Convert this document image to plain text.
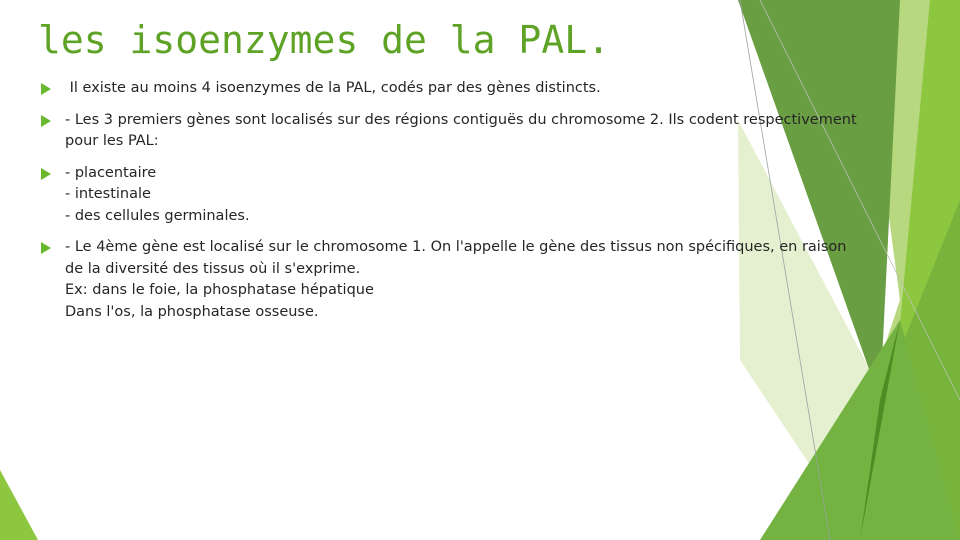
les isoenzymes de la PAL.
Il existe au moins 4 isoenzymes de la PAL, codés par des gènes distincts.
- Les 3 premiers gènes sont localisés sur des régions contiguës du chromosome 2. Ils codent respectivement
pour les PAL:
- placentaire
- intestinale
- des cellules germinales.
- Le 4ème gène est localisé sur le chromosome 1. On l'appelle le gène des tissus non spécifiques, en raison
de la diversité des tissus où il s'exprime.
Ex: dans le foie, la phosphatase hépatique
Dans l'os, la phosphatase osseuse.
